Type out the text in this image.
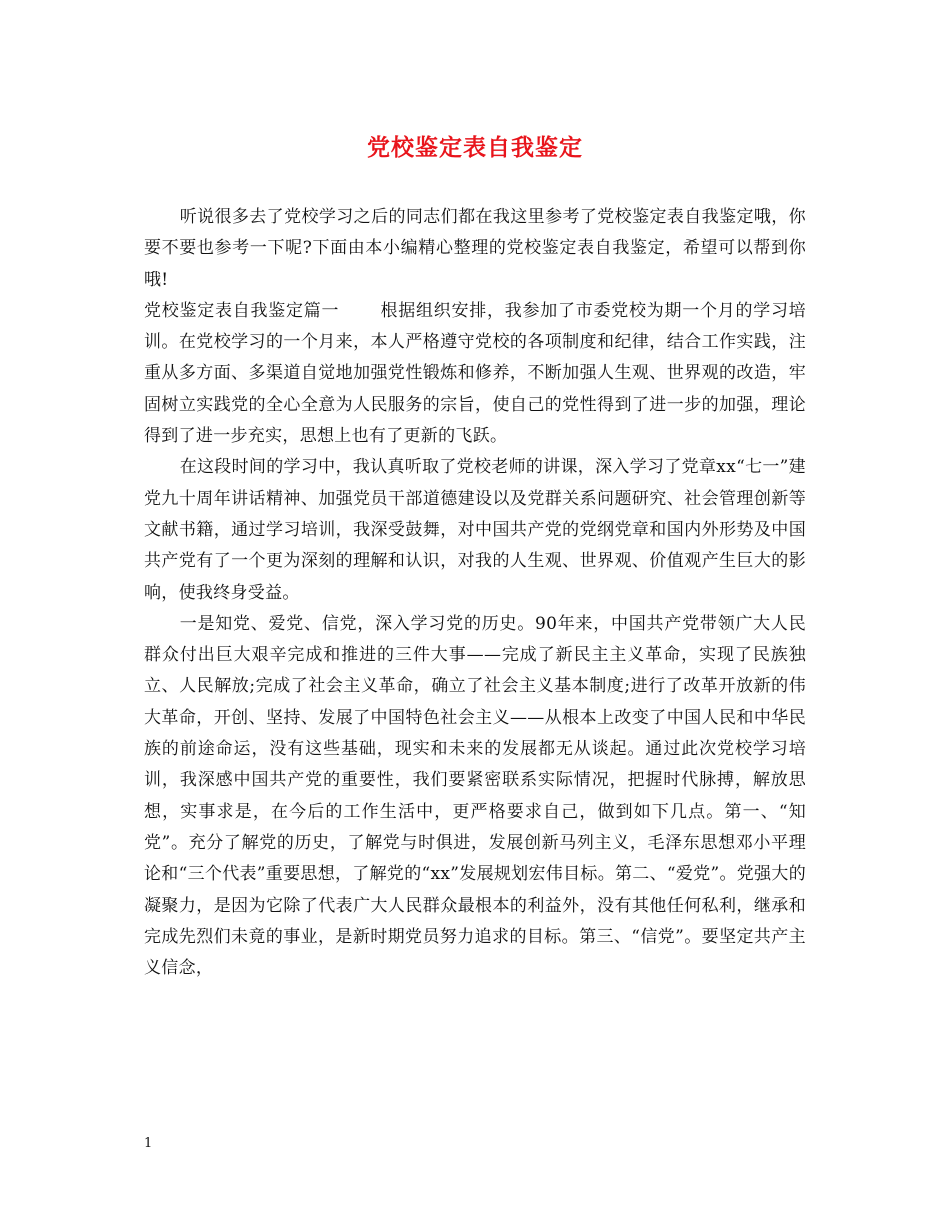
党校鉴定表自我鉴定

听说很多去了党校学习之后的同志们都在我这里参考了党校鉴定表自我鉴定哦，你要不要也参考一下呢?下面由本小编精心整理的党校鉴定表自我鉴定，希望可以帮到你哦!

党校鉴定表自我鉴定篇一 根据组织安排，我参加了市委党校为期一个月的学习培训。在党校学习的一个月来，本人严格遵守党校的各项制度和纪律，结合工作实践，注重从多方面、多渠道自觉地加强党性锻炼和修养，不断加强人生观、世界观的改造，牢固树立实践党的全心全意为人民服务的宗旨，使自己的党性得到了进一步的加强，理论得到了进一步充实，思想上也有了更新的飞跃。

在这段时间的学习中，我认真听取了党校老师的讲课，深入学习了党章xx“七一”建党九十周年讲话精神、加强党员干部道德建设以及党群关系问题研究、社会管理创新等文献书籍，通过学习培训，我深受鼓舞，对中国共产党的党纲党章和国内外形势及中国共产党有了一个更为深刻的理解和认识，对我的人生观、世界观、价值观产生巨大的影响，使我终身受益。

一是知党、爱党、信党，深入学习党的历史。90年来，中国共产党带领广大人民群众付出巨大艰辛完成和推进的三件大事——完成了新民主主义革命，实现了民族独立、人民解放;完成了社会主义革命，确立了社会主义基本制度;进行了改革开放新的伟大革命，开创、坚持、发展了中国特色社会主义——从根本上改变了中国人民和中华民族的前途命运，没有这些基础，现实和未来的发展都无从谈起。通过此次党校学习培训，我深感中国共产党的重要性，我们要紧密联系实际情况，把握时代脉搏，解放思想，实事求是，在今后的工作生活中，更严格要求自己，做到如下几点。第一、“知党”。充分了解党的历史，了解党与时俱进，发展创新马列主义，毛泽东思想邓小平理论和“三个代表”重要思想，了解党的“xx”发展规划宏伟目标。第二、“爱党”。党强大的凝聚力，是因为它除了代表广大人民群众最根本的利益外，没有其他任何私利，继承和完成先烈们未竟的事业，是新时期党员努力追求的目标。第三、“信党”。要坚定共产主义信念，

1
